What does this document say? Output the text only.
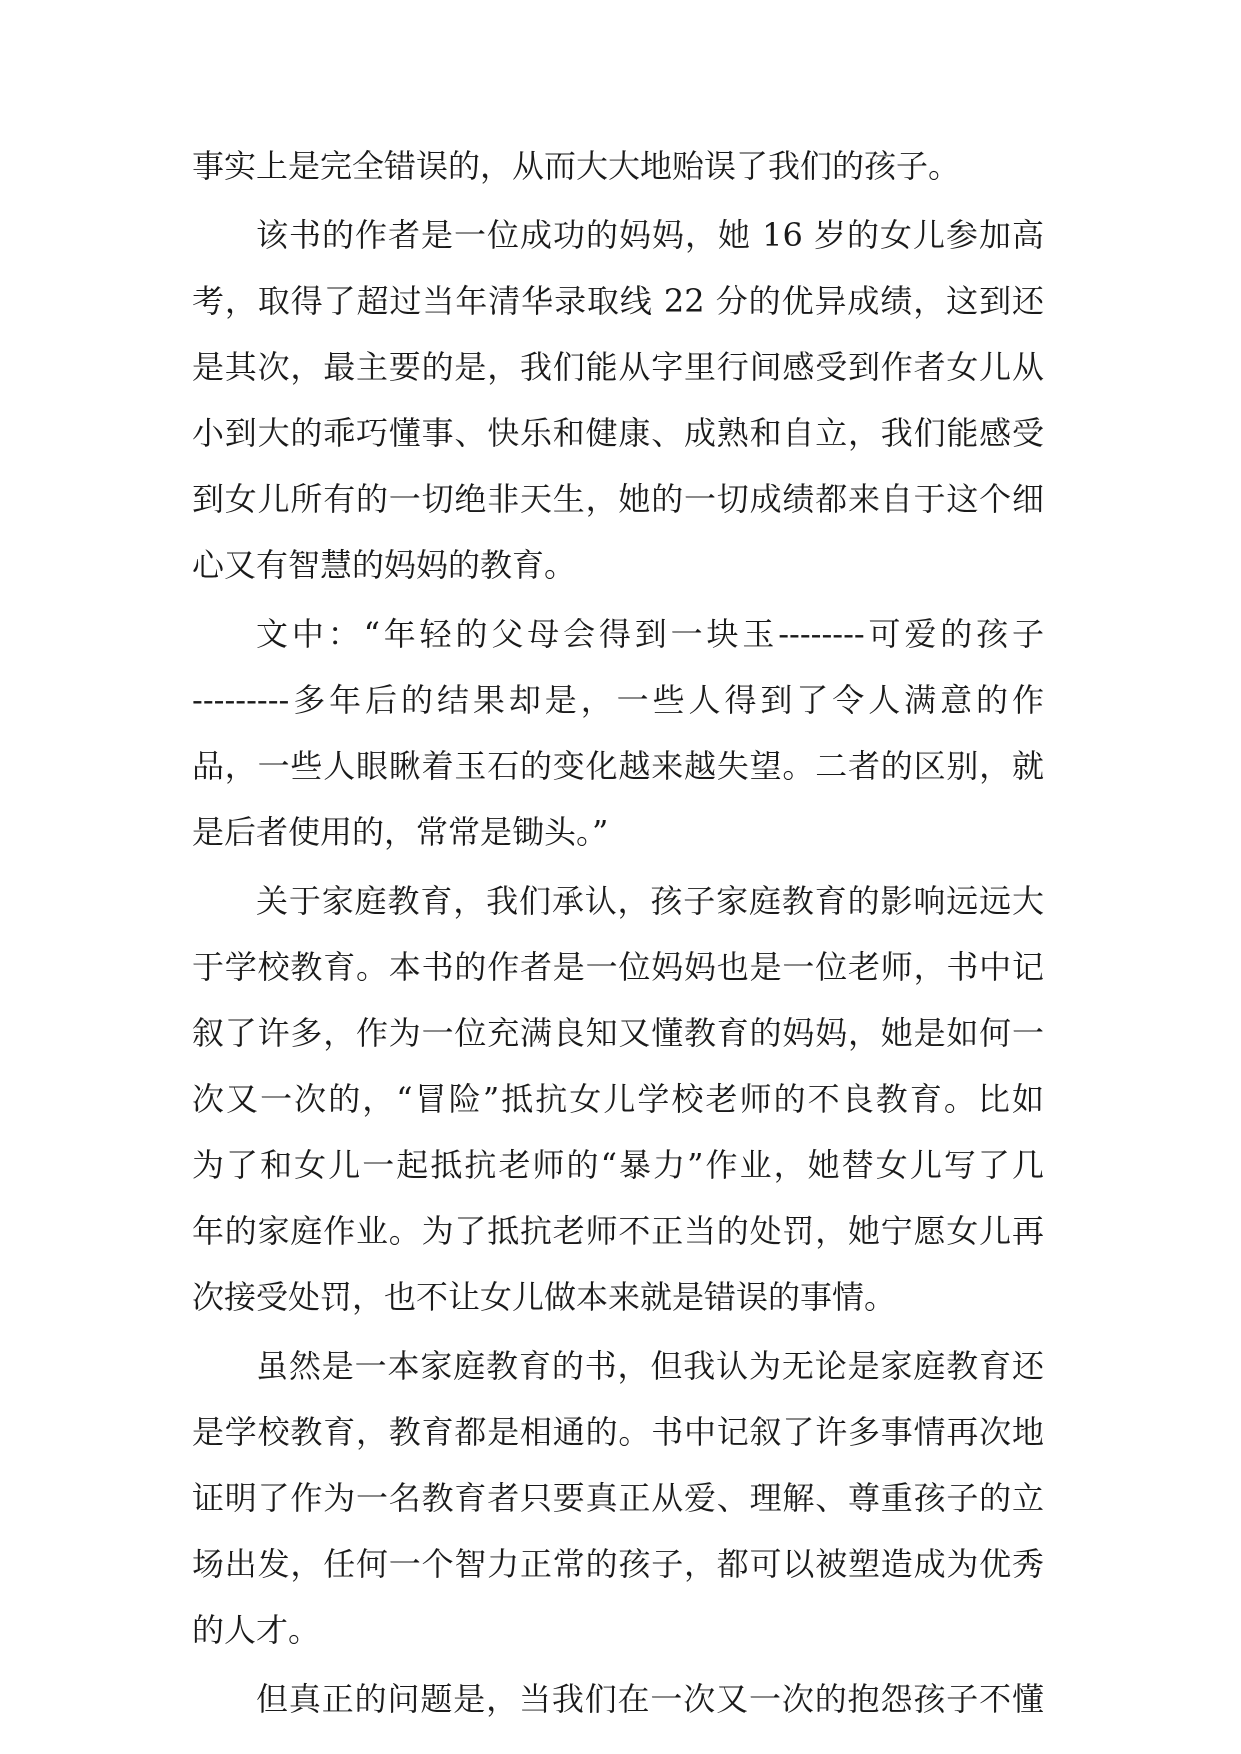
事实上是完全错误的，从而大大地贻误了我们的孩子。
该书的作者是一位成功的妈妈，她 16 岁的女儿参加高
考，取得了超过当年清华录取线 22 分的优异成绩，这到还
是其次，最主要的是，我们能从字里行间感受到作者女儿从
小到大的乖巧懂事、快乐和健康、成熟和自立，我们能感受
到女儿所有的一切绝非天生，她的一切成绩都来自于这个细
心又有智慧的妈妈的教育。
文中：“年轻的父母会得到一块玉--------可爱的孩子
---------多年后的结果却是，一些人得到了令人满意的作
品，一些人眼瞅着玉石的变化越来越失望。二者的区别，就
是后者使用的，常常是锄头。”
关于家庭教育，我们承认，孩子家庭教育的影响远远大
于学校教育。本书的作者是一位妈妈也是一位老师，书中记
叙了许多，作为一位充满良知又懂教育的妈妈，她是如何一
次又一次的，“冒险”抵抗女儿学校老师的不良教育。比如
为了和女儿一起抵抗老师的“暴力”作业，她替女儿写了几
年的家庭作业。为了抵抗老师不正当的处罚，她宁愿女儿再
次接受处罚，也不让女儿做本来就是错误的事情。
虽然是一本家庭教育的书，但我认为无论是家庭教育还
是学校教育，教育都是相通的。书中记叙了许多事情再次地
证明了作为一名教育者只要真正从爱、理解、尊重孩子的立
场出发，任何一个智力正常的孩子，都可以被塑造成为优秀
的人才。
但真正的问题是，当我们在一次又一次的抱怨孩子不懂
